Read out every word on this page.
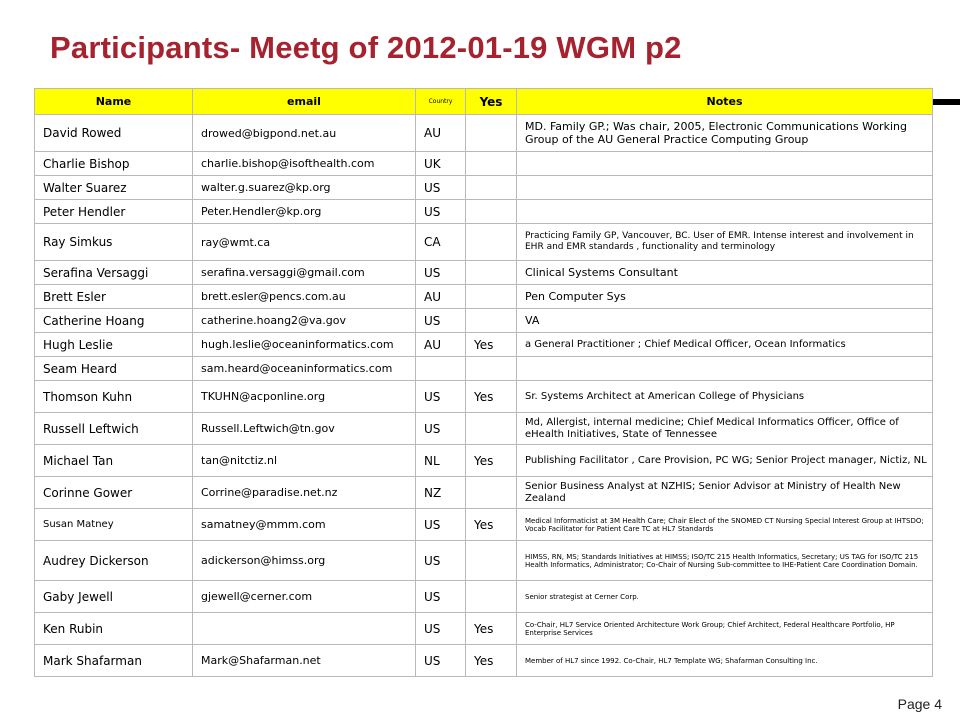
Participants- Meetg of 2012-01-19 WGM p2
Name	email	Country	Yes	Notes
David Rowed	drowed@bigpond.net.au	AU		MD. Family GP.; Was chair, 2005, Electronic Communications Working Group of the AU General Practice Computing Group
Charlie Bishop	charlie.bishop@isofthealth.com	UK		
Walter Suarez	walter.g.suarez@kp.org	US		
Peter Hendler	Peter.Hendler@kp.org	US		
Ray Simkus	ray@wmt.ca	CA		Practicing Family GP, Vancouver, BC. User of EMR. Intense interest and involvement in EHR and EMR standards , functionality and terminology
Serafina Versaggi	serafina.versaggi@gmail.com	US		Clinical Systems Consultant
Brett Esler	brett.esler@pencs.com.au	AU		Pen Computer Sys
Catherine Hoang	catherine.hoang2@va.gov	US		VA
Hugh Leslie	hugh.leslie@oceaninformatics.com	AU	Yes	a General Practitioner ; Chief Medical Officer, Ocean Informatics
Seam Heard	sam.heard@oceaninformatics.com			
Thomson Kuhn	TKUHN@acponline.org	US	Yes	Sr. Systems Architect at American College of Physicians
Russell Leftwich	Russell.Leftwich@tn.gov	US		Md, Allergist, internal medicine; Chief Medical Informatics Officer, Office of eHealth Initiatives, State of Tennessee
Michael Tan	tan@nitctiz.nl	NL	Yes	Publishing Facilitator , Care Provision, PC WG; Senior Project manager, Nictiz, NL
Corinne Gower	Corrine@paradise.net.nz	NZ		Senior Business Analyst at NZHIS; Senior Advisor at Ministry of Health New Zealand
Susan Matney	samatney@mmm.com	US	Yes	Medical Informaticist at 3M Health Care; Chair Elect of the SNOMED CT Nursing Special Interest Group at IHTSDO; Vocab Facilitator for Patient Care TC at HL7 Standards
Audrey Dickerson	adickerson@himss.org	US		HIMSS, RN, MS; Standards Initiatives at HIMSS; ISO/TC 215 Health Informatics, Secretary; US TAG for ISO/TC 215 Health Informatics, Administrator; Co-Chair of Nursing Sub-committee to IHE-Patient Care Coordination Domain.
Gaby Jewell	gjewell@cerner.com	US		Senior strategist at Cerner Corp.
Ken Rubin		US	Yes	Co-Chair, HL7 Service Oriented Architecture Work Group; Chief Architect, Federal Healthcare Portfolio, HP Enterprise Services
Mark Shafarman	Mark@Shafarman.net	US	Yes	Member of HL7 since 1992. Co-Chair, HL7 Template WG; Shafarman Consulting Inc.
Page 4
